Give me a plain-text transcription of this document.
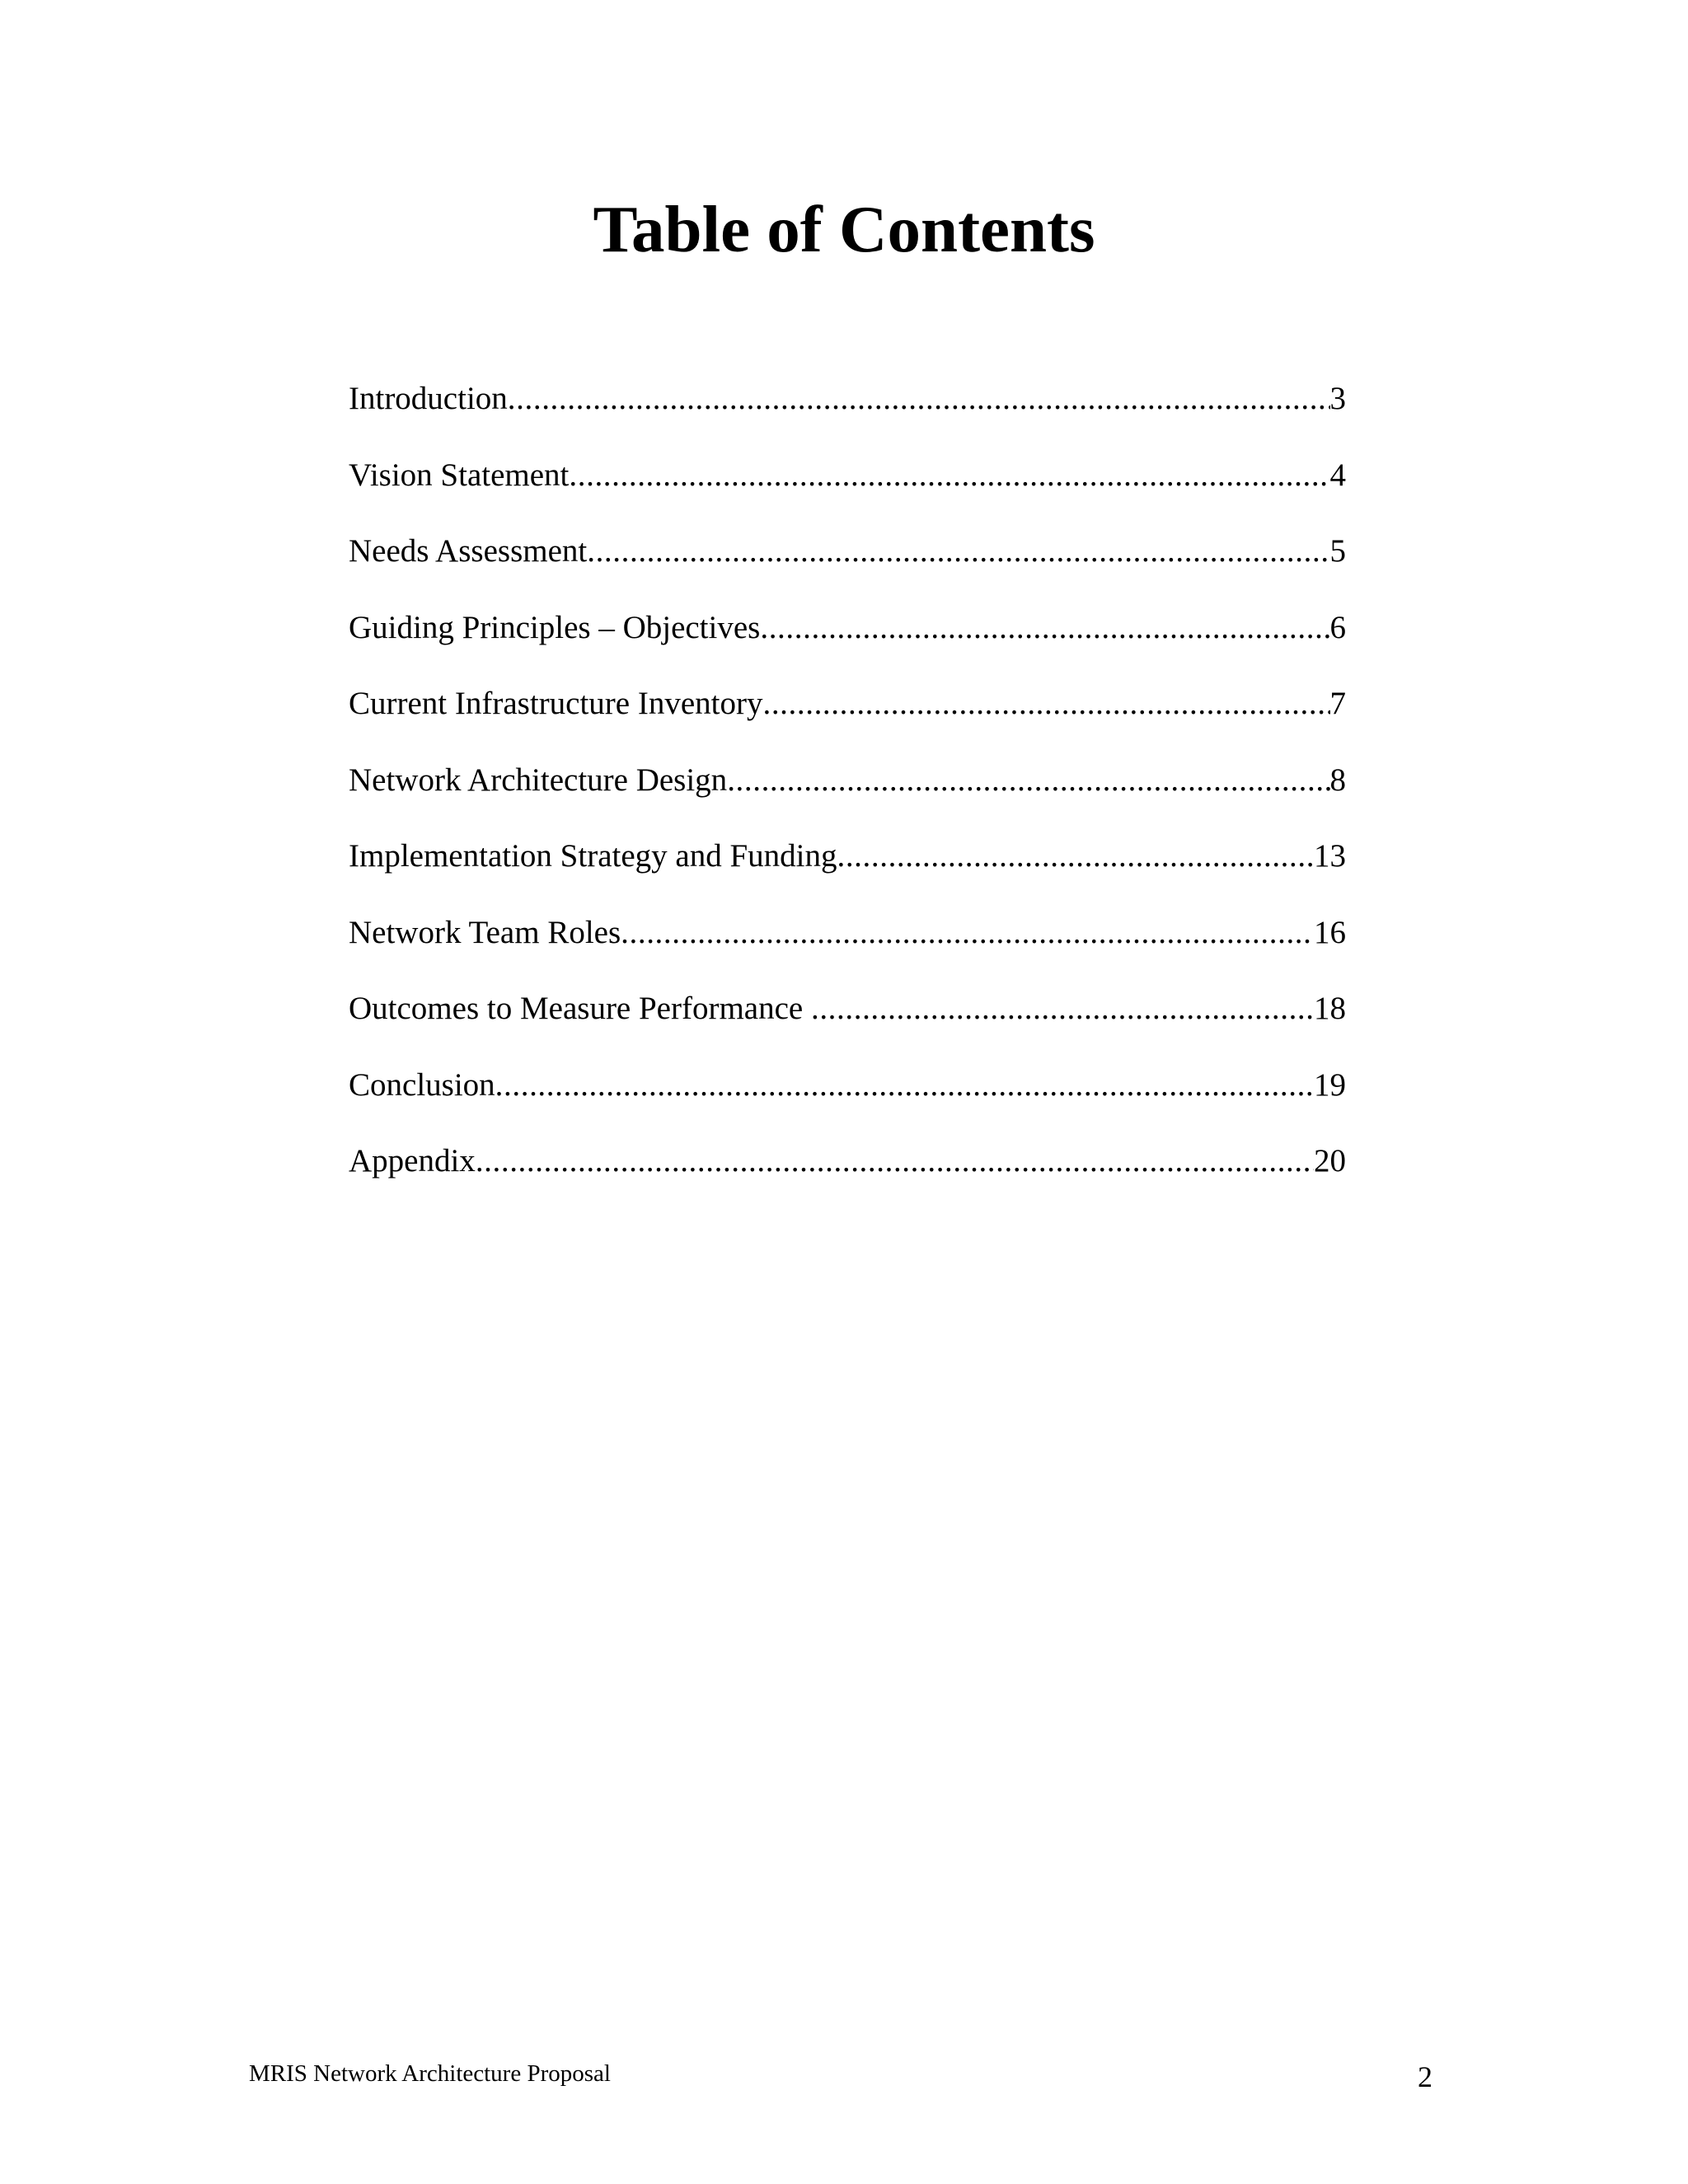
Table of Contents
Introduction .....	3
Vision Statement .....	4
Needs Assessment .....	5
Guiding Principles – Objectives .....	6
Current Infrastructure Inventory .....	7
Network Architecture Design .....	8
Implementation Strategy and Funding .....	13
Network Team Roles .....	16
Outcomes to Measure Performance .....	18
Conclusion .....	19
Appendix .....	20
MRIS Network Architecture Proposal	2
